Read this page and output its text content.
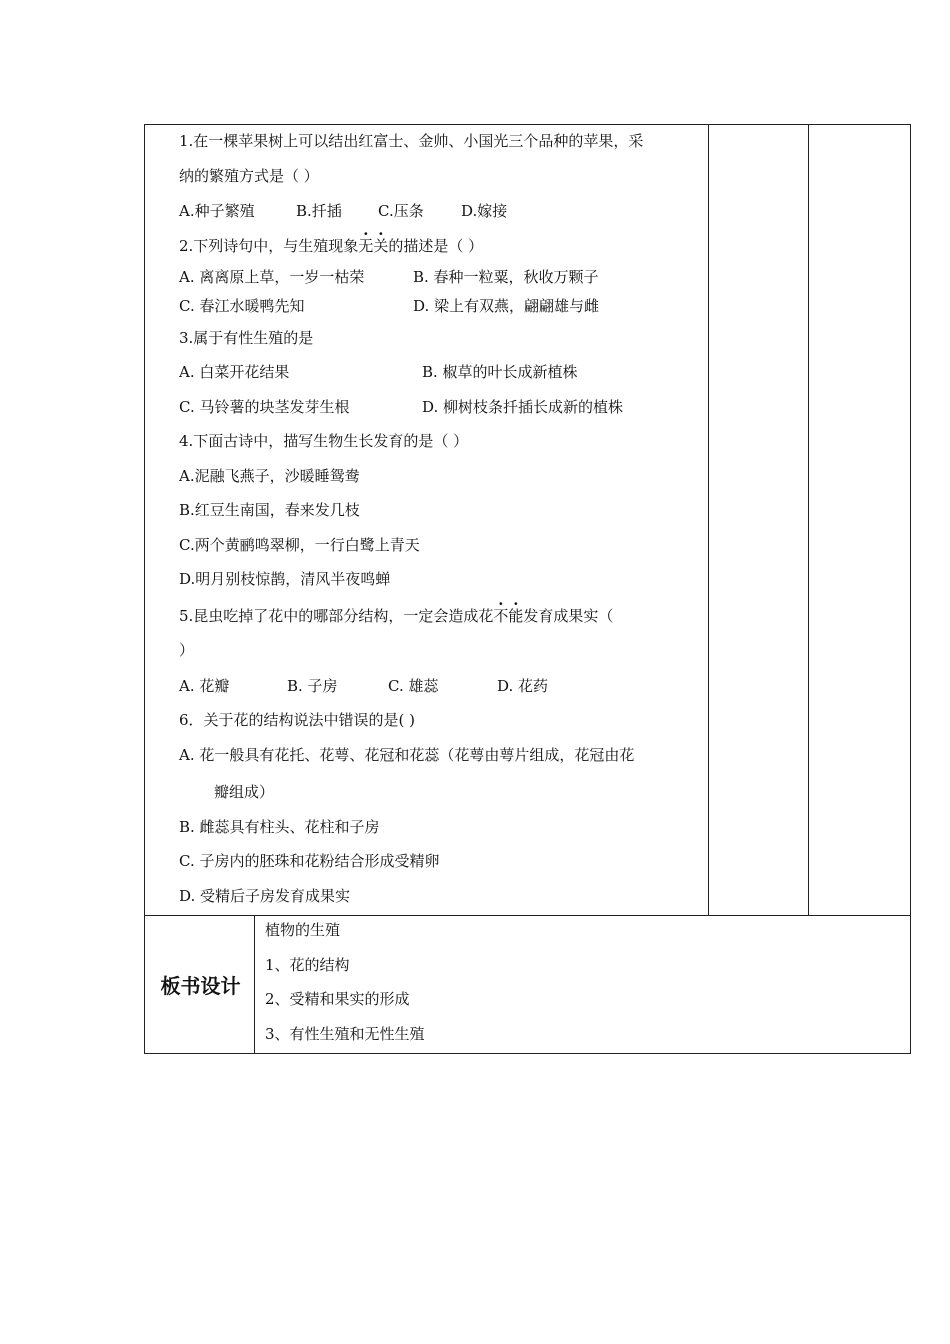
1.在一棵苹果树上可以结出红富士、金帅、小国光三个品种的苹果，采
纳的繁殖方式是（ ）
A.种子繁殖	B.扦插 C.压条 D.嫁接
2.下列诗句中，与生殖现象无关的描述是（ ）
A. 离离原上草，一岁一枯荣	B. 春种一粒粟，秋收万颗子
C. 春江水暖鸭先知	D. 梁上有双燕，翩翩雄与雌
3.属于有性生殖的是
A. 白菜开花结果	B. 椒草的叶长成新植株
C. 马铃薯的块茎发芽生根	D. 柳树枝条扦插长成新的植株
4.下面古诗中，描写生物生长发育的是（ ）
A.泥融飞燕子，沙暖睡鸳鸯
B.红豆生南国，春来发几枝
C.两个黄鹂鸣翠柳，一行白鹭上青天
D.明月别枝惊鹊，清风半夜鸣蝉
5.昆虫吃掉了花中的哪部分结构，一定会造成花不能发育成果实（
）
A. 花瓣	B. 子房	C. 雄蕊	D. 花药
6．关于花的结构说法中错误的是( )
A. 花一般具有花托、花萼、花冠和花蕊（花萼由萼片组成，花冠由花
瓣组成）
B. 雌蕊具有柱头、花柱和子房
C. 子房内的胚珠和花粉结合形成受精卵
D. 受精后子房发育成果实
板书设计
植物的生殖
1、花的结构
2、受精和果实的形成
3、有性生殖和无性生殖
